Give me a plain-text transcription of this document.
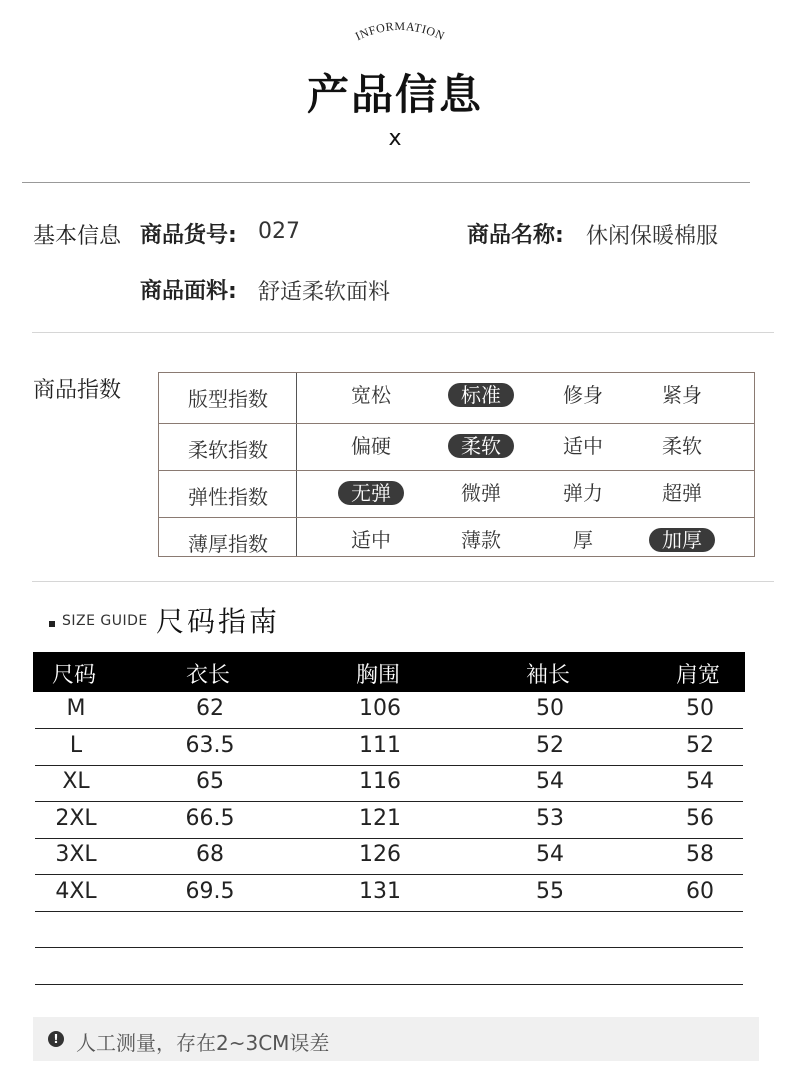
INFORMATION
产品信息
x
基本信息 商品货号: 027	商品名称: 休闲保暖棉服
商品面料: 舒适柔软面料
商品指数	版型指数	宽松	标准	修身	紧身
柔软指数	偏硬	柔软	适中	柔软
弹性指数	无弹	微弹	弹力	超弹
薄厚指数	适中	薄款	厚	加厚
SIZE GUIDE 尺码指南
尺码	衣长	胸围	袖长	肩宽
M	62	106	50	50
L	63.5	111	52	52
XL	65	116	54	54
2XL	66.5	121	53	56
3XL	68	126	54	58
4XL	69.5	131	55	60
! 人工测量，存在2~3CM误差
